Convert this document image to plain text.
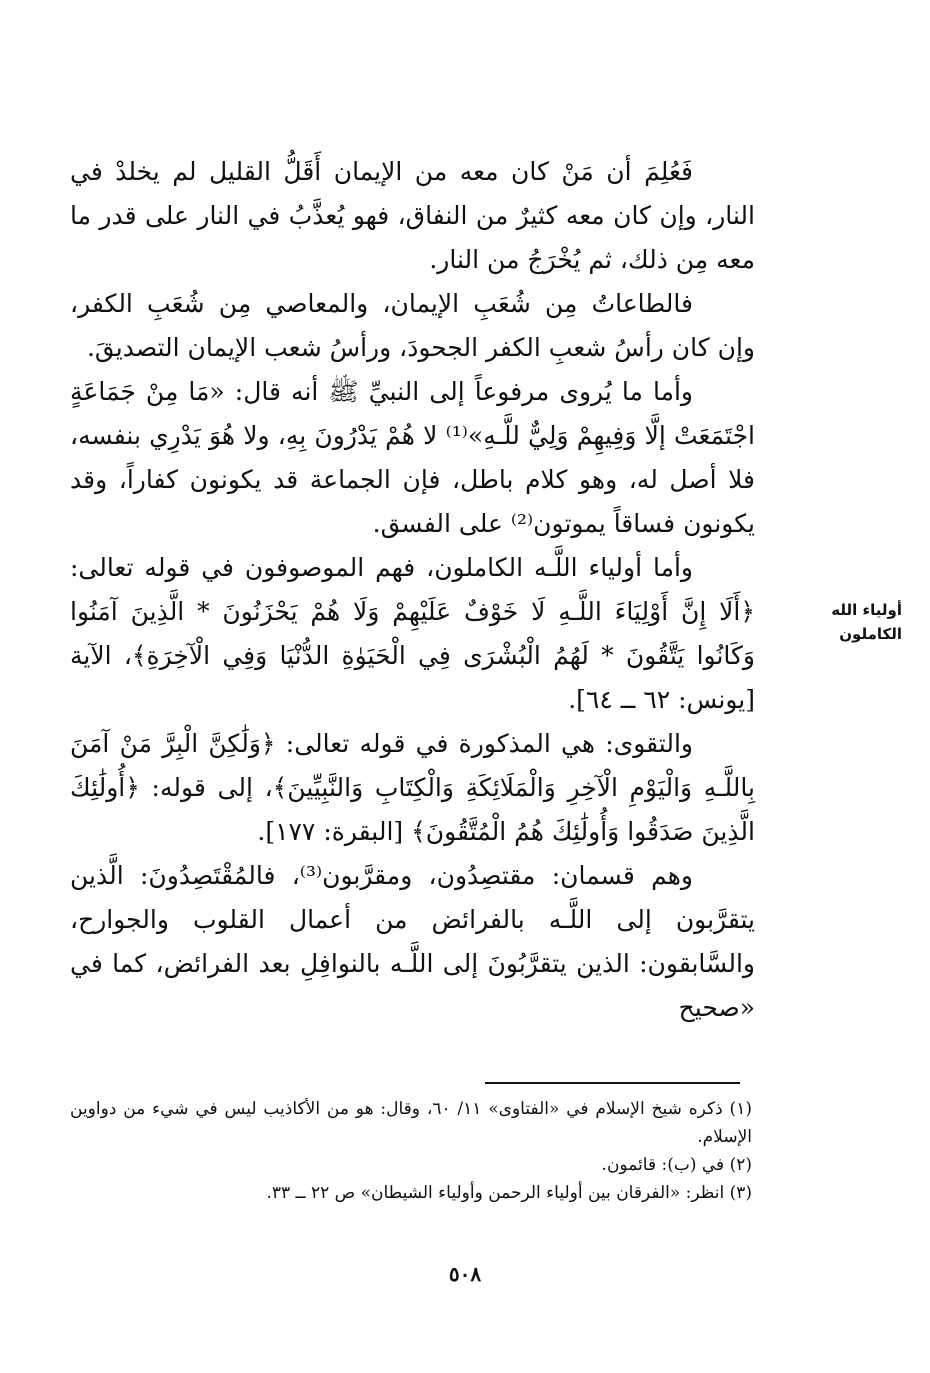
فَعُلِمَ أن مَنْ كان معه من الإيمان أَقَلُّ القليل لم يخلدْ في النار، وإن كان معه كثيرٌ من النفاق، فهو يُعذَّبُ في النار على قدر ما معه مِن ذلك، ثم يُخْرَجُ من النار.

فالطاعاتُ مِن شُعَبِ الإيمان، والمعاصي مِن شُعَبِ الكفر، وإن كان رأسُ شعبِ الكفر الجحودَ، ورأسُ شعب الإيمان التصديقَ.

وأما ما يُروى مرفوعاً إلى النبيِّ ﷺ أنه قال: «مَا مِنْ جَمَاعَةٍ اجْتَمَعَتْ إلَّا وَفِيهِمْ وَلِيٌّ للَّـهِ»⁽¹⁾ لا هُمْ يَدْرُونَ بِهِ، ولا هُوَ يَدْرِي بنفسه، فلا أصل له، وهو كلام باطل، فإن الجماعة قد يكونون كفاراً، وقد يكونون فساقاً يموتون⁽²⁾ على الفسق.

وأما أولياء اللَّـه الكاملون، فهم الموصوفون في قوله تعالى: ﴿أَلَا إِنَّ أَوْلِيَاءَ اللَّـهِ لَا خَوْفٌ عَلَيْهِمْ وَلَا هُمْ يَحْزَنُونَ * الَّذِينَ آمَنُوا وَكَانُوا يَتَّقُونَ * لَهُمُ الْبُشْرَى فِي الْحَيَوٰةِ الدُّنْيَا وَفِي الْآخِرَةِ﴾، الآية [يونس: ٦٢ ــ ٦٤].

والتقوى: هي المذكورة في قوله تعالى: ﴿وَلَٰكِنَّ الْبِرَّ مَنْ آمَنَ بِاللَّـهِ وَالْيَوْمِ الْآخِرِ وَالْمَلَائِكَةِ وَالْكِتَابِ وَالنَّبِيِّينَ﴾، إلى قوله: ﴿أُولَٰئِكَ الَّذِينَ صَدَقُوا وَأُولَٰئِكَ هُمُ الْمُتَّقُونَ﴾ [البقرة: ١٧٧].

وهم قسمان: مقتصِدُون، ومقرَّبون⁽³⁾، فالمُقْتَصِدُونَ: الَّذين يتقرَّبون إلى اللَّـه بالفرائض من أعمال القلوب والجوارح، والسَّابقون: الذين يتقرَّبُونَ إلى اللَّـه بالنوافِلِ بعد الفرائض، كما في «صحيح

أولياء الله الكاملون

(١) ذكره شيخ الإسلام في «الفتاوى» ١١/ ٦٠، وقال: هو من الأكاذيب ليس في شيء من دواوين الإسلام.

(٢) في (ب): قائمون.

(٣) انظر: «الفرقان بين أولياء الرحمن وأولياء الشيطان» ص ٢٢ ــ ٣٣.

٥٠٨
